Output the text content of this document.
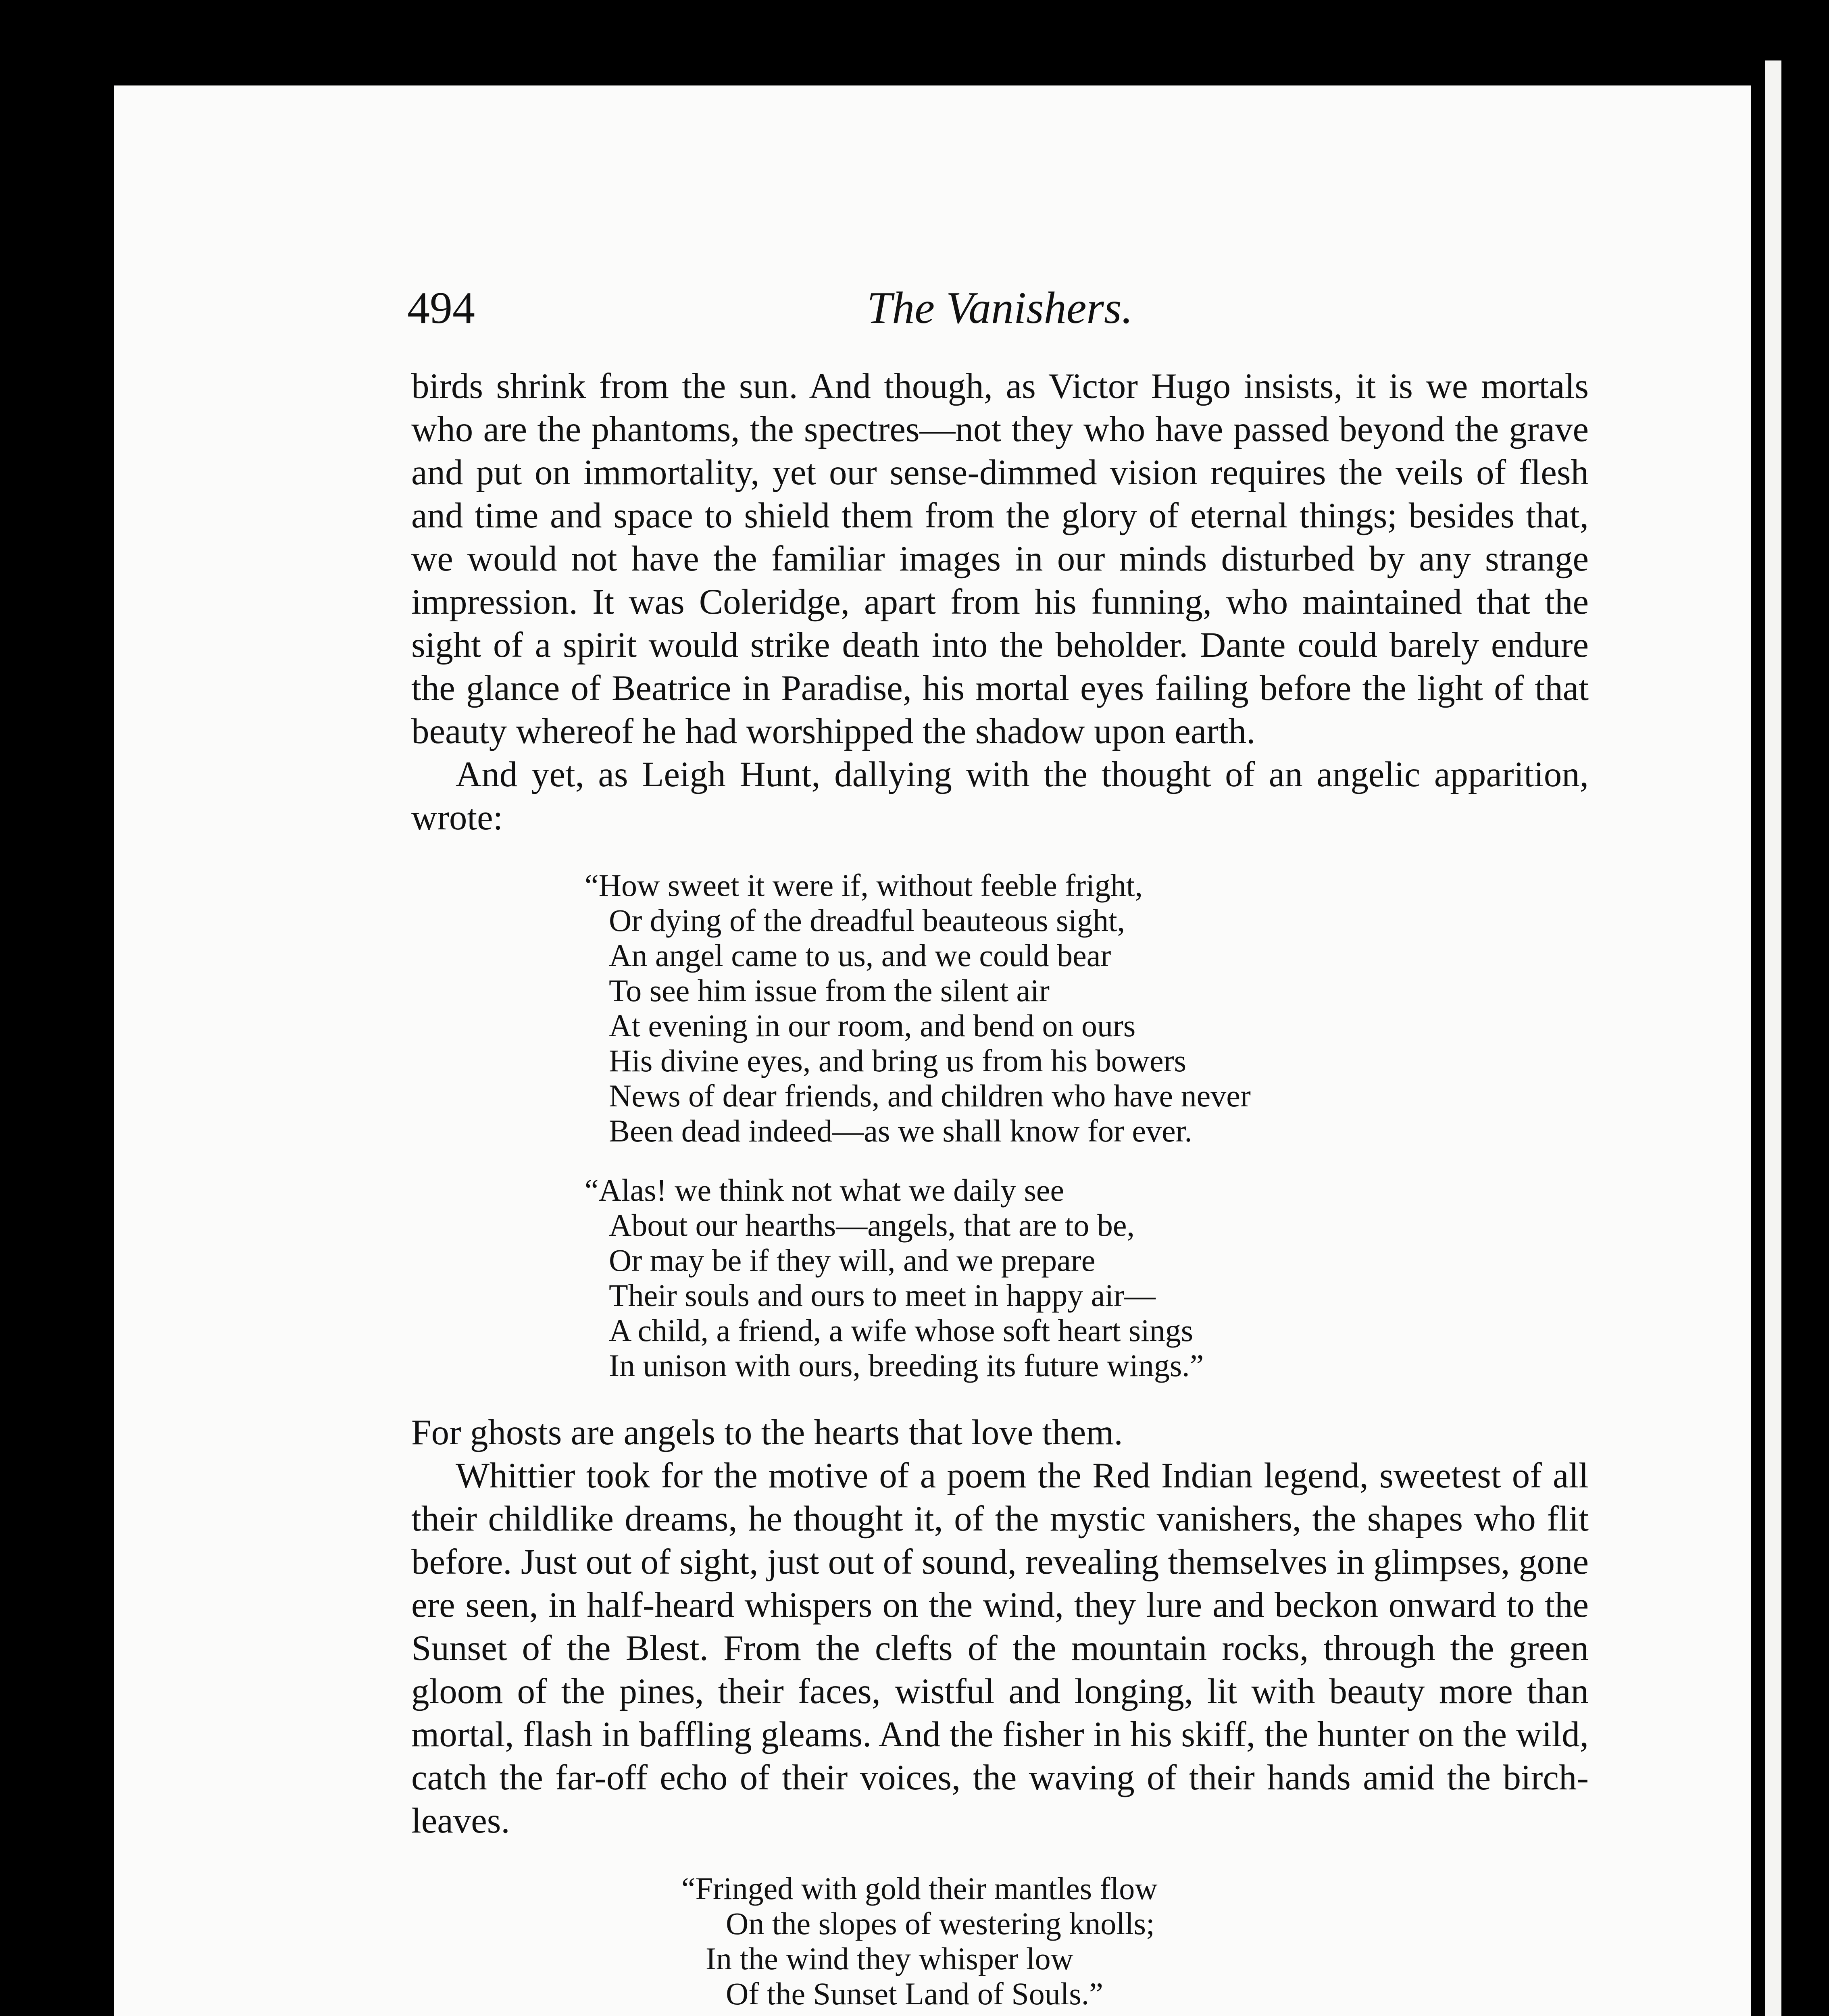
494	The Vanishers.

birds shrink from the sun. And though, as Victor Hugo insists, it is we mortals who are the phantoms, the spectres—not they who have passed beyond the grave and put on immortality, yet our sense-dimmed vision requires the veils of flesh and time and space to shield them from the glory of eternal things; besides that, we would not have the familiar images in our minds disturbed by any strange impression. It was Coleridge, apart from his funning, who maintained that the sight of a spirit would strike death into the beholder. Dante could barely endure the glance of Beatrice in Paradise, his mortal eyes failing before the light of that beauty whereof he had worshipped the shadow upon earth.

And yet, as Leigh Hunt, dallying with the thought of an angelic apparition, wrote:

“How sweet it were if, without feeble fright,
Or dying of the dreadful beauteous sight,
An angel came to us, and we could bear
To see him issue from the silent air
At evening in our room, and bend on ours
His divine eyes, and bring us from his bowers
News of dear friends, and children who have never
Been dead indeed—as we shall know for ever.
“Alas! we think not what we daily see
About our hearths—angels, that are to be,
Or may be if they will, and we prepare
Their souls and ours to meet in happy air—
A child, a friend, a wife whose soft heart sings
In unison with ours, breeding its future wings.”

For ghosts are angels to the hearts that love them.

Whittier took for the motive of a poem the Red Indian legend, sweetest of all their childlike dreams, he thought it, of the mystic vanishers, the shapes who flit before. Just out of sight, just out of sound, revealing themselves in glimpses, gone ere seen, in half-heard whispers on the wind, they lure and beckon onward to the Sunset of the Blest. From the clefts of the mountain rocks, through the green gloom of the pines, their faces, wistful and longing, lit with beauty more than mortal, flash in baffling gleams. And the fisher in his skiff, the hunter on the wild, catch the far-off echo of their voices, the waving of their hands amid the birch-leaves.

“Fringed with gold their mantles flow
On the slopes of westering knolls;
In the wind they whisper low
Of the Sunset Land of Souls.”
